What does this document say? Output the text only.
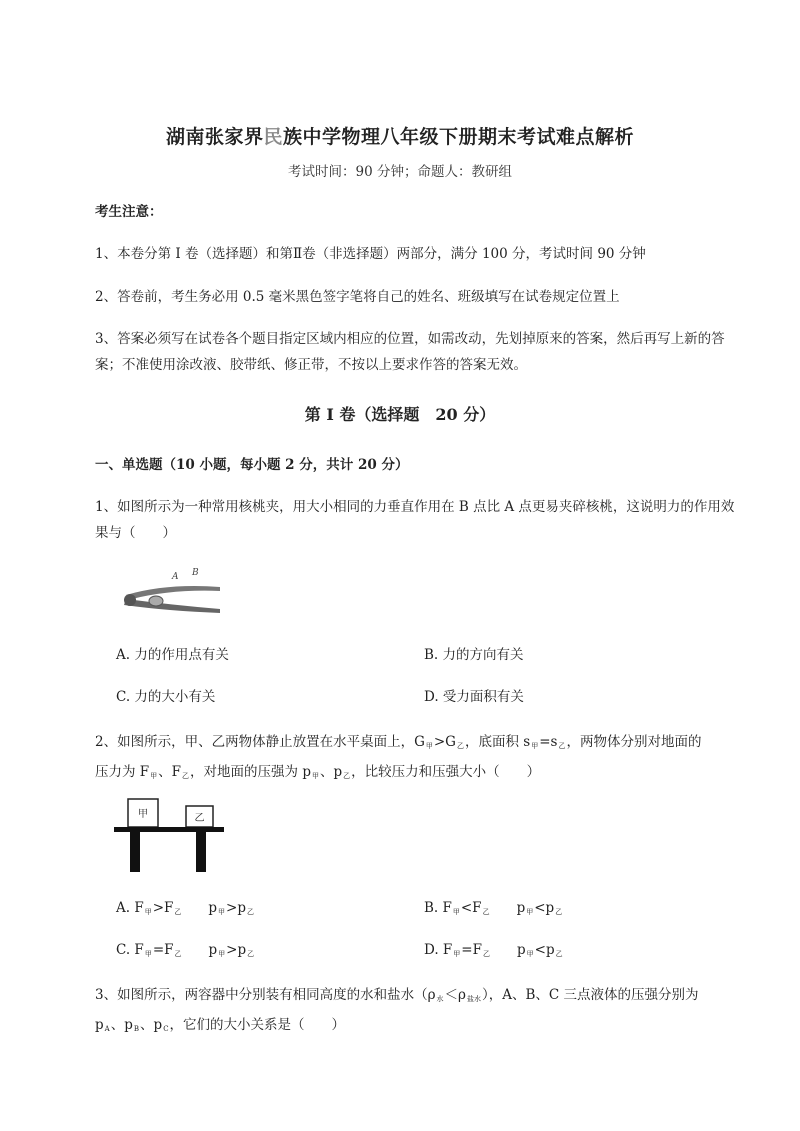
湖南张家界民族中学物理八年级下册期末考试难点解析
考试时间：90 分钟；命题人：教研组
考生注意：
1、本卷分第 I 卷（选择题）和第Ⅱ卷（非选择题）两部分，满分 100 分，考试时间 90 分钟
2、答卷前，考生务必用 0.5 毫米黑色签字笔将自己的姓名、班级填写在试卷规定位置上
3、答案必须写在试卷各个题目指定区域内相应的位置，如需改动，先划掉原来的答案，然后再写上新的答案；不准使用涂改液、胶带纸、修正带，不按以上要求作答的答案无效。
第 I 卷（选择题　20 分）
一、单选题（10 小题，每小题 2 分，共计 20 分）
1、如图所示为一种常用核桃夹，用大小相同的力垂直作用在 B 点比 A 点更易夹碎核桃，这说明力的作用效果与（　　）
A B
A. 力的作用点有关	B. 力的方向有关
C. 力的大小有关	D. 受力面积有关
2、如图所示，甲、乙两物体静止放置在水平桌面上，$G_甲>G_乙$，底面积 $s_甲=s_乙$，两物体分别对地面的
压力为 $F_甲$、$F_乙$，对地面的压强为 $p_甲$、$p_乙$，比较压力和压强大小（　　）
甲	乙
A. $F_甲>F_乙$ $p_甲>p_乙$	B. $F_甲<F_乙$ $p_甲<p_乙$
C. $F_甲=F_乙$ $p_甲>p_乙$	D. $F_甲=F_乙$ $p_甲<p_乙$
3、如图所示，两容器中分别装有相同高度的水和盐水$(\rho_水<\rho_{盐水})$，A、B、C 三点液体的压强分别为
$p_A$、$p_B$、$p_C$，它们的大小关系是（　　）
